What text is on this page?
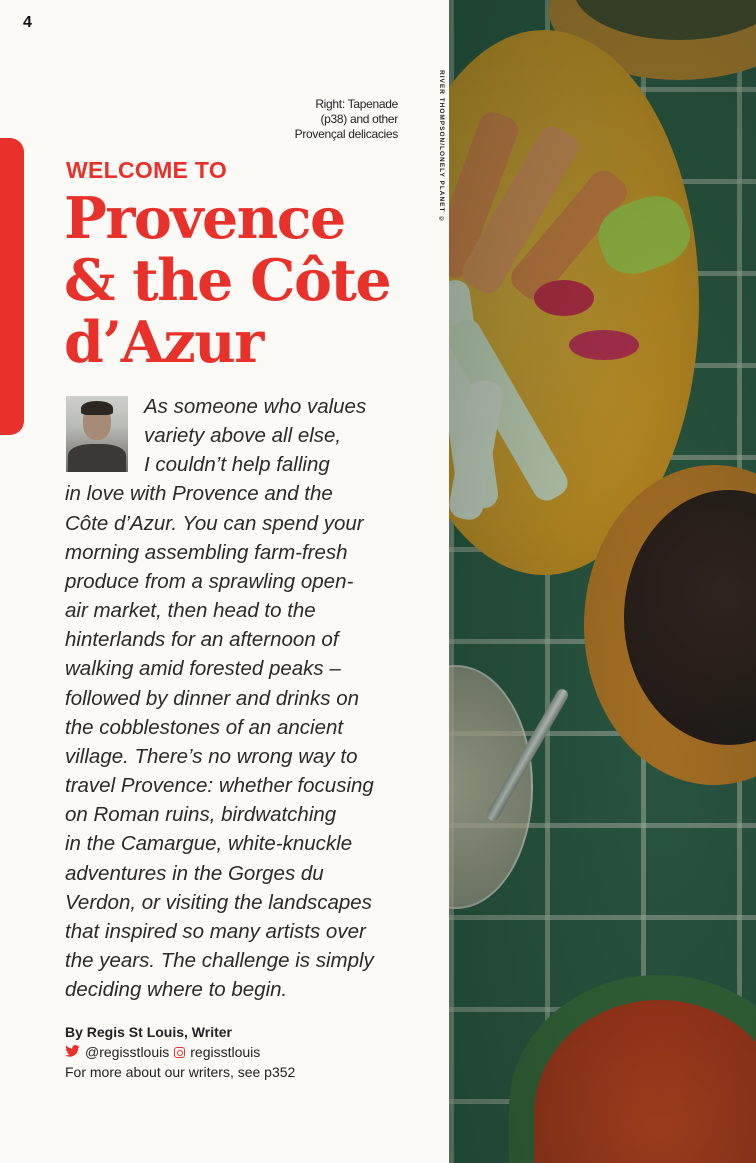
4
Right: Tapenade
(p38) and other
Provençal delicacies
WELCOME TO
Provence
& the Côte
d’Azur
As someone who values
variety above all else,
I couldn’t help falling
in love with Provence and the
Côte d’Azur. You can spend your
morning assembling farm-fresh
produce from a sprawling open-
air market, then head to the
hinterlands for an afternoon of
walking amid forested peaks –
followed by dinner and drinks on
the cobblestones of an ancient
village. There’s no wrong way to
travel Provence: whether focusing
on Roman ruins, birdwatching
in the Camargue, white-knuckle
adventures in the Gorges du
Verdon, or visiting the landscapes
that inspired so many artists over
the years. The challenge is simply
deciding where to begin.
By Regis St Louis, Writer
@regisstlouis regisstlouis
For more about our writers, see p352
RIVER THOMPSON/LONELY PLANET ©
